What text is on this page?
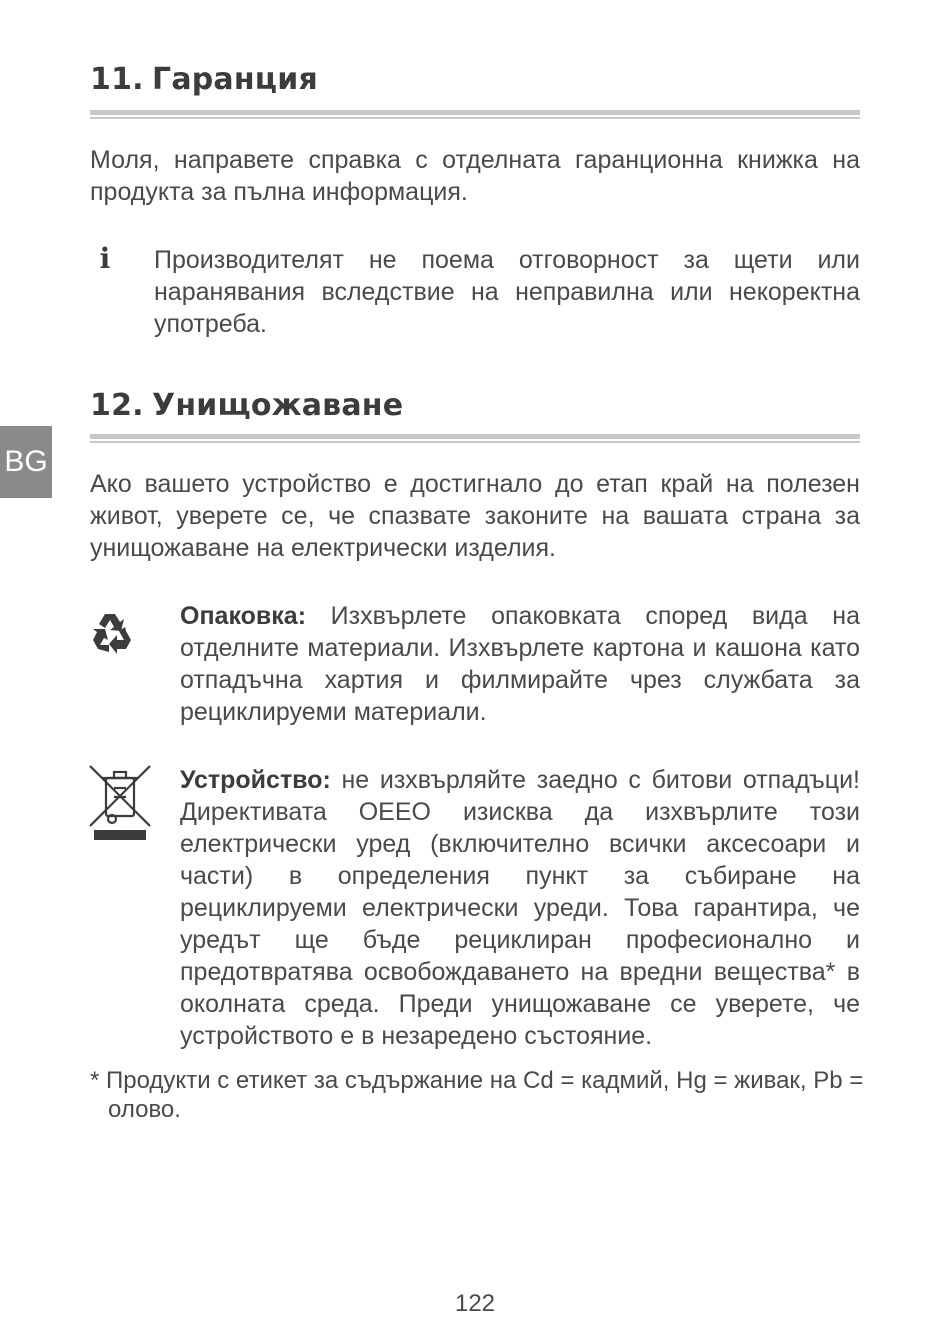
BG
11. Гаранция

Моля, направете справка с отделната гаранционна книжка на продукта за пълна информация.

i	Производителят не поема отговорност за щети или наранявания вследствие на неправилна или некоректна употреба.

12. Унищожаване

Ако вашето устройство е достигнало до етап край на полезен живот, уверете се, че спазвате законите на вашата страна за унищожаване на електрически изделия.

Опаковка: Изхвърлете опаковката според вида на отделните материали. Изхвърлете картона и кашона като отпадъчна хартия и филмирайте чрез службата за рециклируеми материали.

Устройство: не изхвърляйте заедно с битови отпадъци! Директивата ОЕЕО изисква да изхвърлите този електрически уред (включително всички аксесоари и части) в определения пункт за събиране на рециклируеми електрически уреди. Това гарантира, че уредът ще бъде рециклиран професионално и предотвратява освобождаването на вредни вещества* в околната среда. Преди унищожаване се уверете, че устройството е в незаредено състояние.

* Продукти с етикет за съдържание на Cd = кадмий, Hg = живак, Pb = олово.

122
